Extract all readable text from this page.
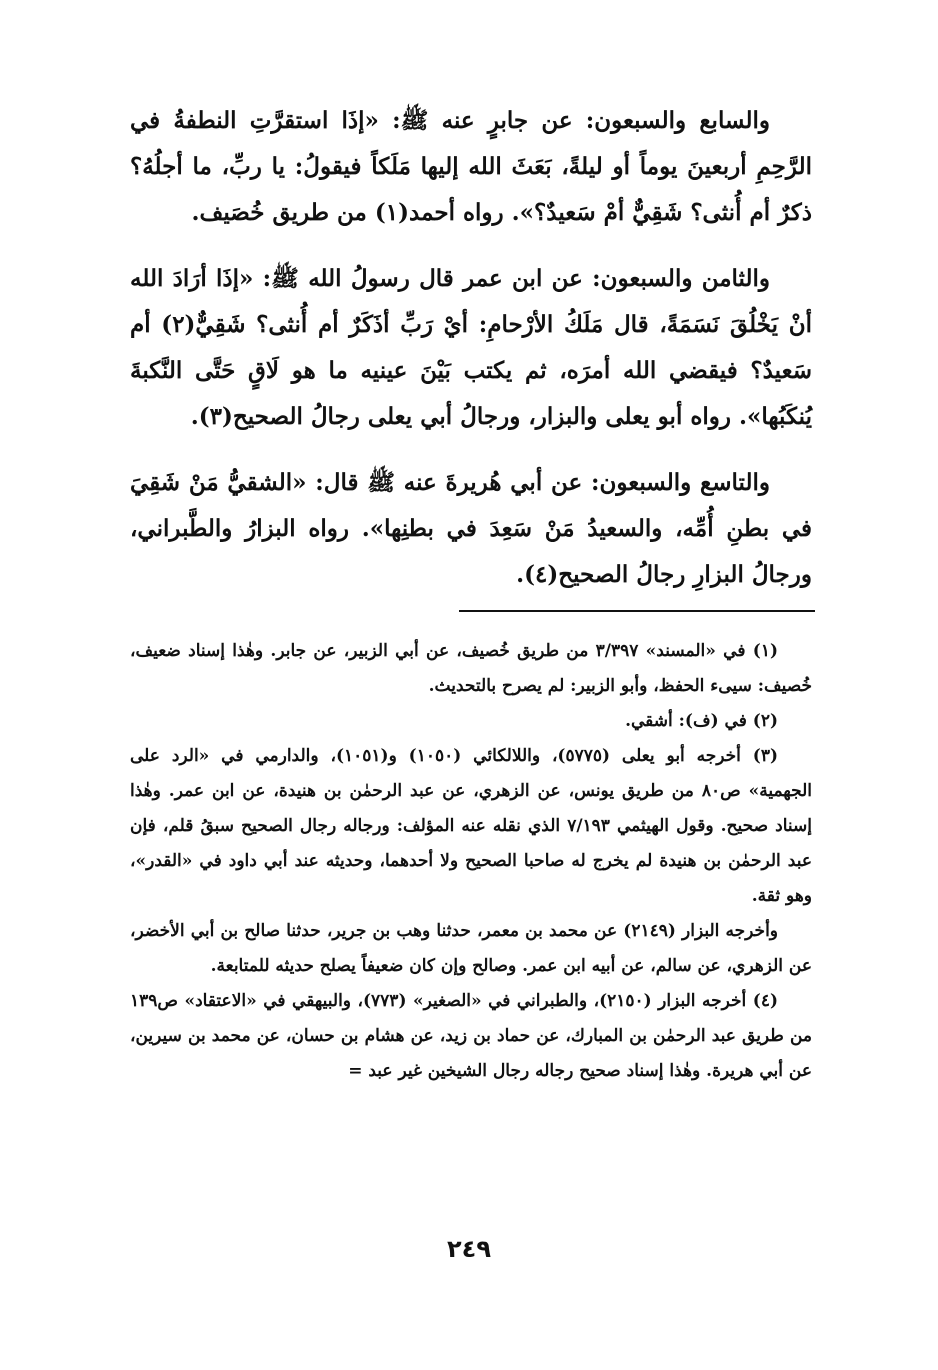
والسابع والسبعون: عن جابرٍ عنه ﷺ: «إذَا استقرَّتِ النطفةُ في الرَّحِمِ أربعينَ يوماً أو ليلةً، بَعَثَ الله إليها مَلَكاً فيقولُ: يا ربِّ، ما أجلُهُ؟ ذكرٌ أم أُنثى؟ شَقِيٌّ أمْ سَعيدٌ؟». رواه أحمد(١) من طريق خُصَيف.

والثامن والسبعون: عن ابن عمر قال رسولُ الله ﷺ: «إذَا أرَادَ الله أنْ يَخْلُقَ نَسَمَةً، قال مَلَكُ الأرْحامِ: أيْ رَبِّ أذَكَرٌ أم أُنثى؟ شَقِيٌّ(٢) أم سَعيدٌ؟ فيقضي الله أمرَه، ثم يكتب بَيْنَ عينيه ما هو لَاقٍ حَتَّى النَّكبةَ يُنكَبُها». رواه أبو يعلى والبزار، ورجالُ أبي يعلى رجالُ الصحيح(٣).

والتاسع والسبعون: عن أبي هُريرةَ عنه ﷺ قال: «الشقيُّ مَنْ شَقِيَ في بطنِ أُمِّه، والسعيدُ مَنْ سَعِدَ في بطنِها». رواه البزارُ والطَّبراني، ورجالُ البزارِ رجالُ الصحيح(٤).

(١) في «المسند» ٣/٣٩٧ من طريق خُصيف، عن أبي الزبير، عن جابر. وهٰذا إسناد ضعيف، خُصيف: سيىء الحفظ، وأبو الزبير: لم يصرح بالتحديث.

(٢) في (ف): أشقي.

(٣) أخرجه أبو يعلى (٥٧٧٥)، واللالكائي (١٠٥٠) و(١٠٥١)، والدارمي في «الرد على الجهمية» ص٨٠ من طريق يونس، عن الزهري، عن عبد الرحمٰن بن هنيدة، عن ابن عمر. وهٰذا إسناد صحيح. وقول الهيثمي ٧/١٩٣ الذي نقله عنه المؤلف: ورجاله رجال الصحيح سبقُ قلم، فإن عبد الرحمٰن بن هنيدة لم يخرج له صاحبا الصحيح ولا أحدهما، وحديثه عند أبي داود في «القدر»، وهو ثقة.

وأخرجه البزار (٢١٤٩) عن محمد بن معمر، حدثنا وهب بن جرير، حدثنا صالح بن أبي الأخضر، عن الزهري، عن سالم، عن أبيه ابن عمر. وصالح وإن كان ضعيفاً يصلح حديثه للمتابعة.

(٤) أخرجه البزار (٢١٥٠)، والطبراني في «الصغير» (٧٧٣)، والبيهقي في «الاعتقاد» ص١٣٩ من طريق عبد الرحمٰن بن المبارك، عن حماد بن زيد، عن هشام بن حسان، عن محمد بن سيرين، عن أبي هريرة. وهٰذا إسناد صحيح رجاله رجال الشيخين غير عبد =

٢٤٩
